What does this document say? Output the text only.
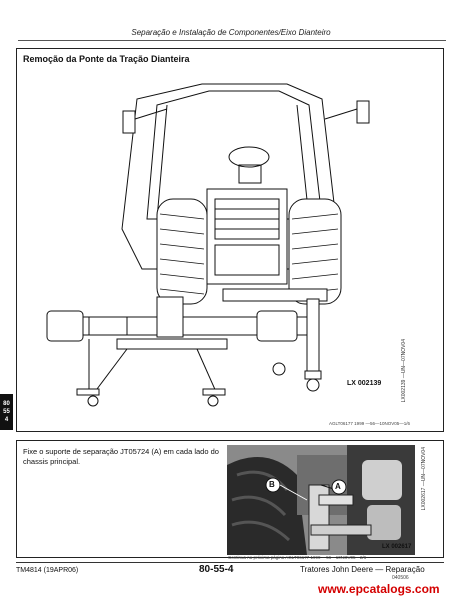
Separação e Instalação de Componentes/Eixo Dianteiro
Remoção da Ponte da Tração Dianteira
LX 002139	LX002139 —UN—07NOV04
AGLT06177 1999 —56—10NOV05—1/6
80
55
4
Fixe o suporte de separação JT05724 (A) em cada lado do chassis principal.
B	A
LX 002617
LX002617 —UN—07NOV04
Continua na próxima página AGLT06177 1999 —56—10NOV05—2/6
TM4814 (19APR06)	80-55-4	Tratores John Deere — Reparação
040506
www.epcatalogs.com
